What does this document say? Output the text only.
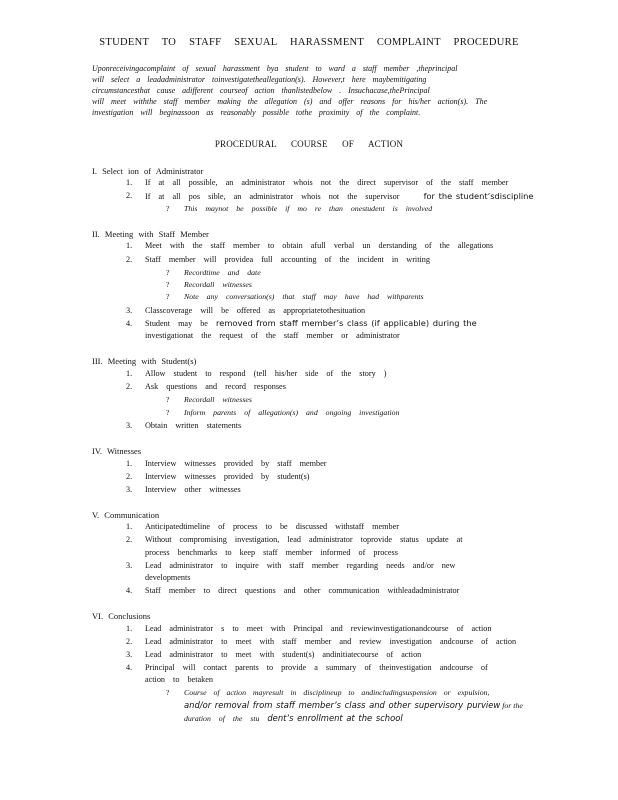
STUDENT TO STAFF SEXUAL HARASSMENT COMPLAINT PROCEDURE
Uponreceivingacomplaint of sexual harassment bya student to ward a staff member ,theprincipal
will select a leadadministrator toinvestigatetheallegation(s). However,t here maybemitigating
circumstancesthat cause adifferent courseof action thanlistedbelow . Insuchacase,thePrincipal
will meet withthe staff member making the allegation (s) and offer reasons for his/her action(s). The
investigation will beginassoon as reasonably possible tothe proximity of the complaint.
PROCEDURAL COURSE OF ACTION
I. Select ion of Administrator
1. If at all possible, an administrator whois not the direct supervisor of the staff member
2. If at all pos sible, an administrator whois not the supervisor	for the student’sdiscipline
? This maynot be possible if mo re than onestudent is involved
II. Meeting with Staff Member
1. Meet with the staff member to obtain afull verbal un derstanding of the allegations
2. Staff member will providea full accounting of the incident in writing
? Recordtime and date
? Recordall witnesses
? Note any conversation(s) that staff may have had withparents
3. Classcoverage will be offered as appropriatetothesituation
4. Student may be removed from staff member’s class (if applicable) during the
investigationat the request of the staff member or administrator
III. Meeting with Student(s)
1. Allow student to respond (tell his/her side of the story )
2. Ask questions and record responses
? Recordall witnesses
? Inform parents of allegation(s) and ongoing investigation
3. Obtain written statements
IV. Witnesses
1. Interview witnesses provided by staff member
2. Interview witnesses provided by student(s)
3. Interview other witnesses
V. Communication
1. Anticipatedtimeline of process to be discussed withstaff member
2. Without compromising investigation, lead administrator toprovide status update at
process benchmarks to keep staff member informed of process
3. Lead administrator to inquire with staff member regarding needs and/or new
developments
4. Staff member to direct questions and other communication withleadadministrator
VI. Conclusions
1. Lead administrator s to meet with Principal and reviewinvestigationandcourse of action
2. Lead administrator to meet with staff member and review investigation andcourse of action
3. Lead administrator to meet with student(s) andinitiatecourse of action
4. Principal will contact parents to provide a summary of theinvestigation andcourse of
action to betaken
? Course of action mayresult in disciplineup to andincludingsuspension or expulsion,
and/or removal from staff member’s class and other supervisory purview for the
duration of the stu dent’s enrollment at the school
